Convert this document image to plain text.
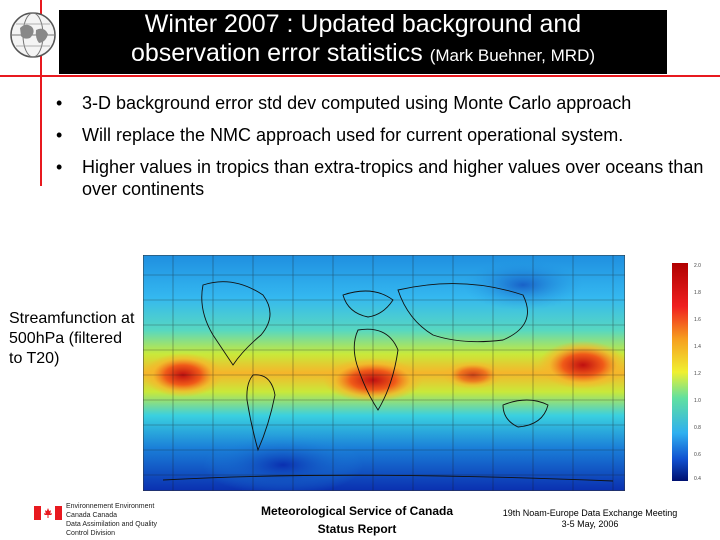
Winter 2007 : Updated background and
observation error statistics (Mark Buehner, MRD)
• 3-D background error std dev computed using Monte Carlo approach
• Will replace the NMC approach used for current operational system.
• Higher values in tropics than extra-tropics and higher values over oceans than over continents
Streamfunction at 500hPa (filtered to T20)
2.0
1.8
1.6
1.4
1.2
1.0
0.8
0.6
0.4
Environnement Environment
Canada Canada
Data Assimilation and Quality
Control Division
Meteorological Service of Canada
Status Report
19th Noam-Europe Data Exchange Meeting
3-5 May, 2006
